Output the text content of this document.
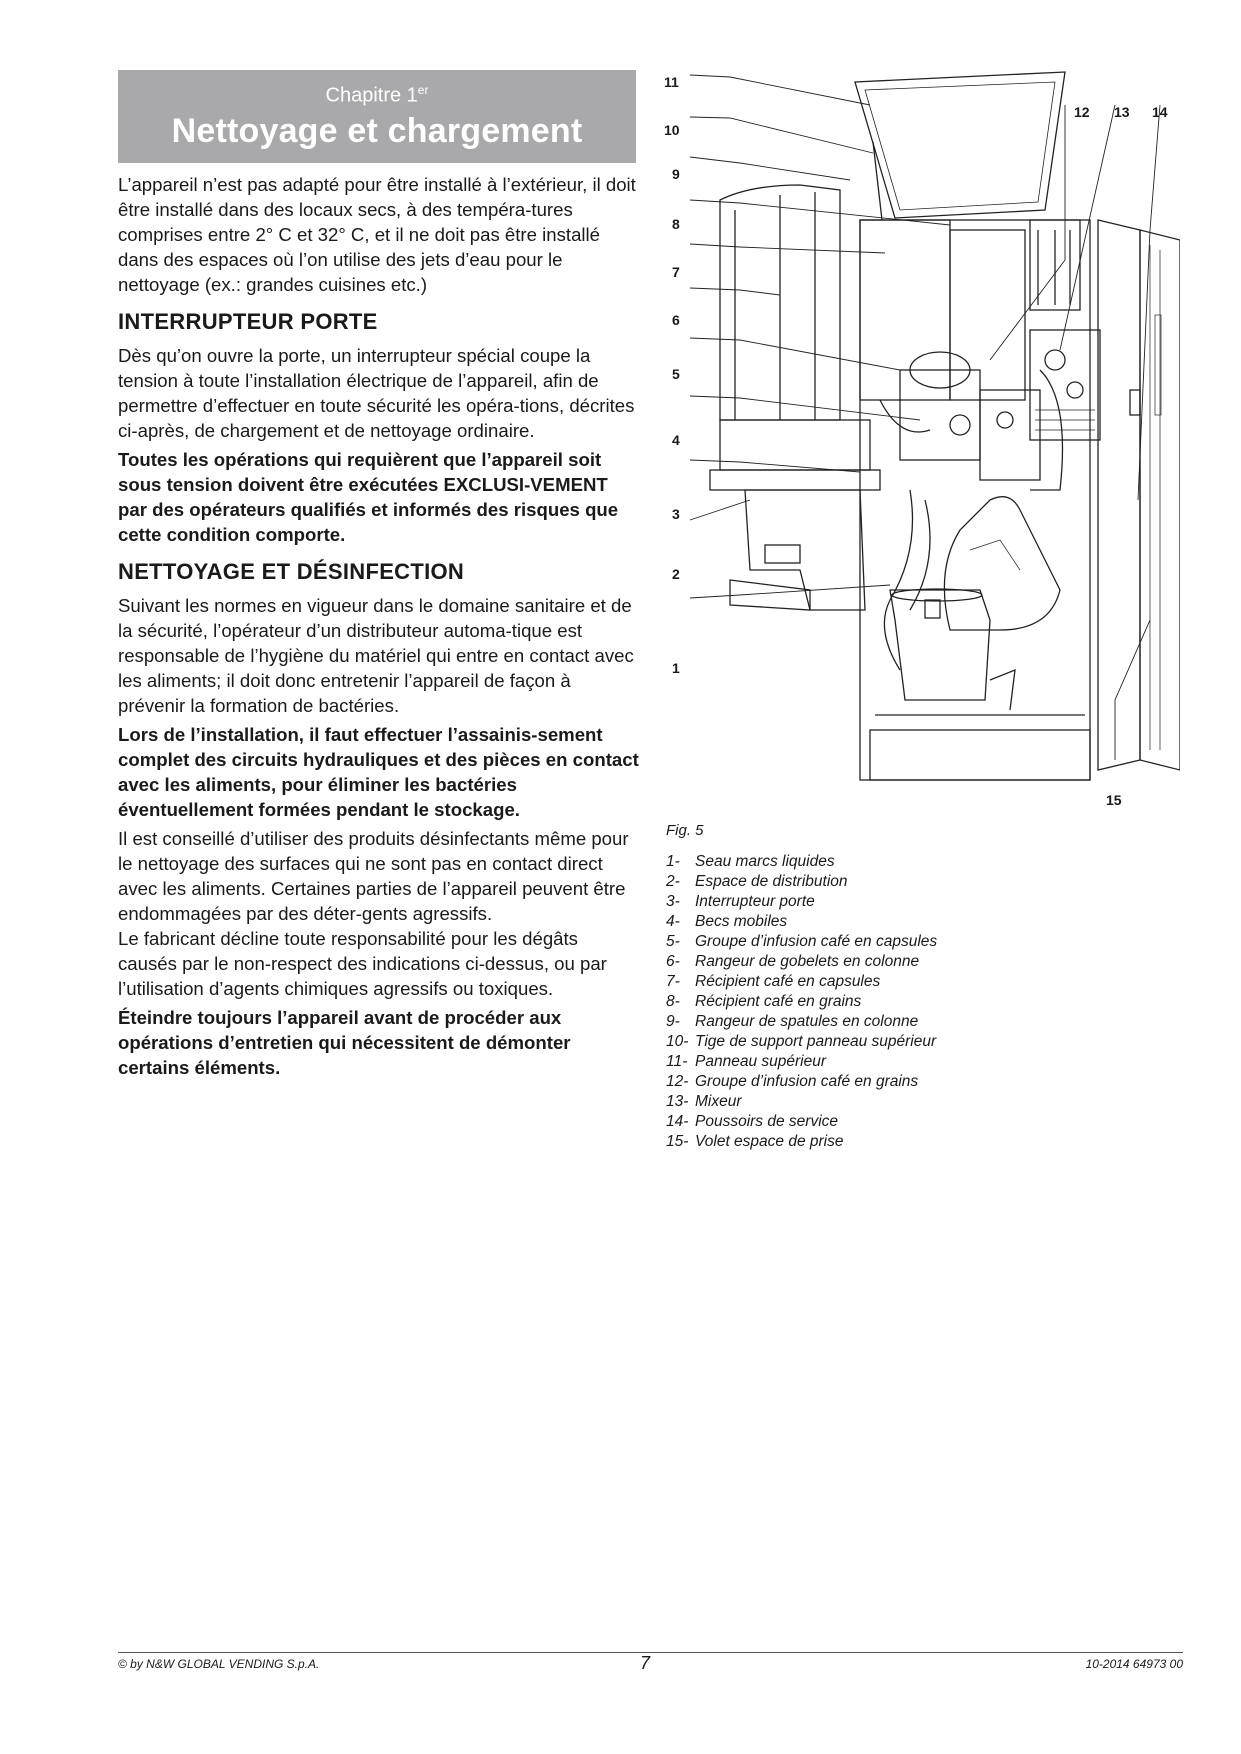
Chapitre 1er
Nettoyage et chargement

L’appareil n’est pas adapté pour être installé à l’extérieur, il doit être installé dans des locaux secs, à des tempéra-tures comprises entre 2° C et 32° C, et il ne doit pas être installé dans des espaces où l’on utilise des jets d’eau pour le nettoyage (ex.: grandes cuisines etc.)

INTERRUPTEUR PORTE

Dès qu’on ouvre la porte, un interrupteur spécial coupe la tension à toute l’installation électrique de l’appareil, afin de permettre d’effectuer en toute sécurité les opéra-tions, décrites ci-après, de chargement et de nettoyage ordinaire.

Toutes les opérations qui requièrent que l’appareil soit sous tension doivent être exécutées EXCLUSI-VEMENT par des opérateurs qualifiés et informés des risques que cette condition comporte.

NETTOYAGE ET DÉSINFECTION

Suivant les normes en vigueur dans le domaine sanitaire et de la sécurité, l’opérateur d’un distributeur automa-tique est responsable de l’hygiène du matériel qui entre en contact avec les aliments; il doit donc entretenir l’appareil de façon à prévenir la formation de bactéries.

Lors de l’installation, il faut effectuer l’assainis-sement complet des circuits hydrauliques et des pièces en contact avec les aliments, pour éliminer les bactéries éventuellement formées pendant le stockage.

Il est conseillé d’utiliser des produits désinfectants même pour le nettoyage des surfaces qui ne sont pas en contact direct avec les aliments. Certaines parties de l’appareil peuvent être endommagées par des déter-gents agressifs.

Le fabricant décline toute responsabilité pour les dégâts causés par le non-respect des indications ci-dessus, ou par l’utilisation d’agents chimiques agressifs ou toxiques.

Éteindre toujours l’appareil avant de procéder aux opérations d’entretien qui nécessitent de démonter certains éléments.

11
10
9
8
7
6
5
4
3
2
1
12 13 14
15
Fig. 5
1- Seau marcs liquides
2- Espace de distribution
3- Interrupteur porte
4- Becs mobiles
5- Groupe d’infusion café en capsules
6- Rangeur de gobelets en colonne
7- Récipient café en capsules
8- Récipient café en grains
9- Rangeur de spatules en colonne
10- Tige de support panneau supérieur
11- Panneau supérieur
12- Groupe d’infusion café en grains
13- Mixeur
14- Poussoirs de service
15- Volet espace de prise
© by N&W GLOBAL VENDING S.p.A.	7	10-2014 64973 00
